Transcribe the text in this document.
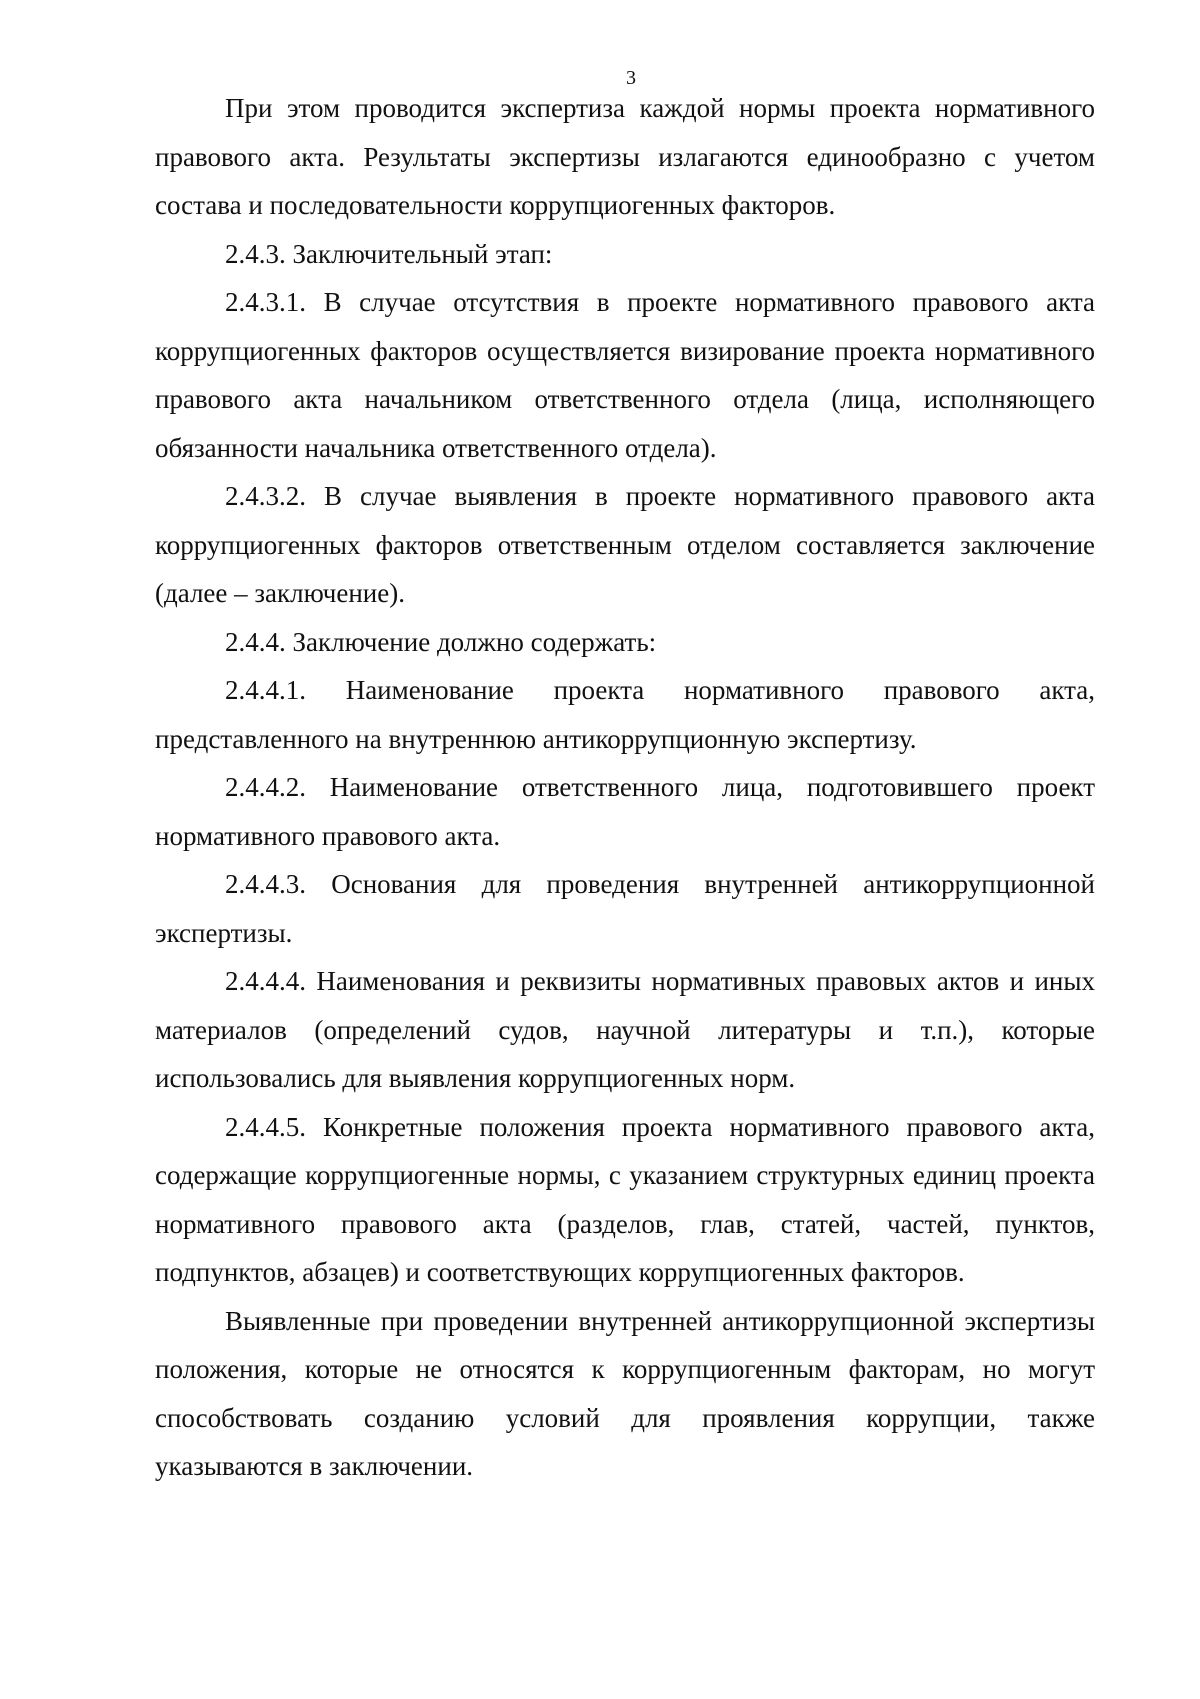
3

При этом проводится экспертиза каждой нормы проекта нормативного правового акта. Результаты экспертизы излагаются единообразно с учетом состава и последовательности коррупциогенных факторов.

2.4.3. Заключительный этап:

2.4.3.1. В случае отсутствия в проекте нормативного правового акта коррупциогенных факторов осуществляется визирование проекта нормативного правового акта начальником ответственного отдела (лица, исполняющего обязанности начальника ответственного отдела).

2.4.3.2. В случае выявления в проекте нормативного правового акта коррупциогенных факторов ответственным отделом составляется заключение (далее – заключение).

2.4.4. Заключение должно содержать:

2.4.4.1. Наименование проекта нормативного правового акта, представленного на внутреннюю антикоррупционную экспертизу.

2.4.4.2. Наименование ответственного лица, подготовившего проект нормативного правового акта.

2.4.4.3. Основания для проведения внутренней антикоррупционной экспертизы.

2.4.4.4. Наименования и реквизиты нормативных правовых актов и иных материалов (определений судов, научной литературы и т.п.), которые использовались для выявления коррупциогенных норм.

2.4.4.5. Конкретные положения проекта нормативного правового акта, содержащие коррупциогенные нормы, с указанием структурных единиц проекта нормативного правового акта (разделов, глав, статей, частей, пунктов, подпунктов, абзацев) и соответствующих коррупциогенных факторов.

Выявленные при проведении внутренней антикоррупционной экспертизы положения, которые не относятся к коррупциогенным факторам, но могут способствовать созданию условий для проявления коррупции, также указываются в заключении.
